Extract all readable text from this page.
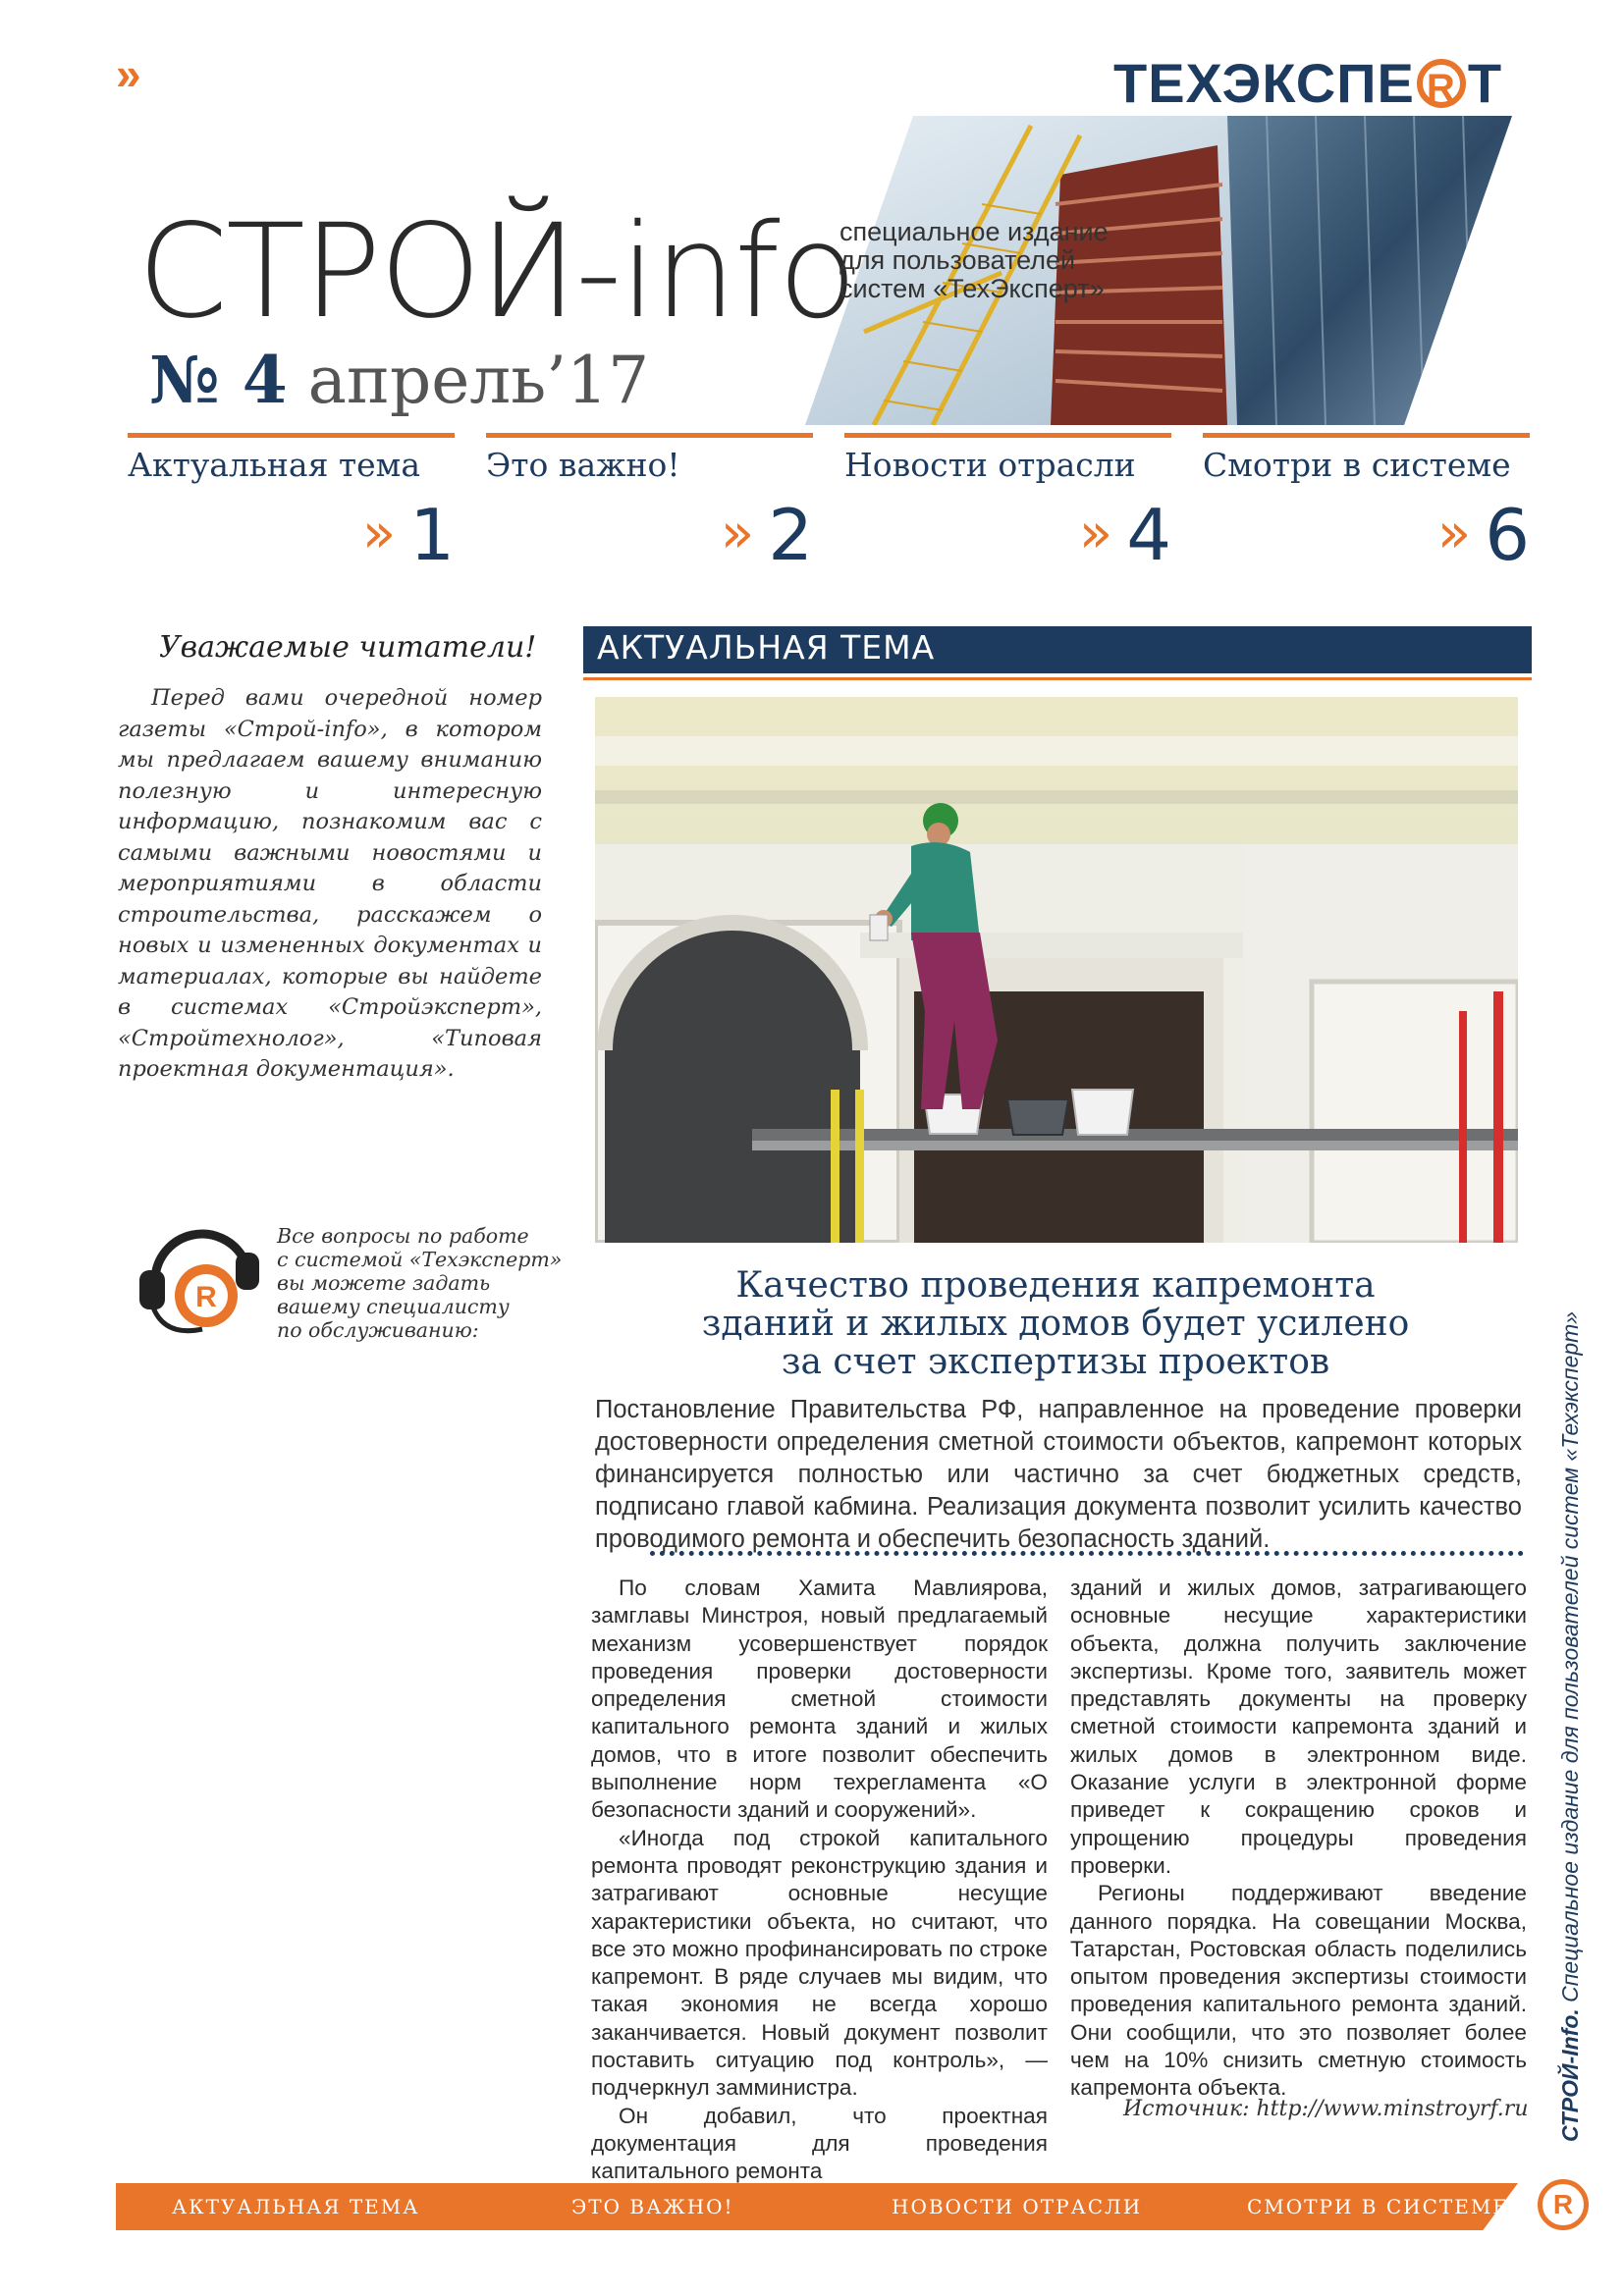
»	ТЕХЭКСПЕ R Т
СТРОЙ-info
специальное издание
для пользователей
систем «ТехЭксперт»
№ 4 апрель’17
Актуальная тема
» 1
Это важно!
» 2
Новости отрасли
» 4
Смотри в системе
» 6
Уважаемые читатели!

Перед вами очередной номер газеты «Строй-info», в котором мы предлагаем вашему вниманию полезную и интересную информацию, познакомим вас с самыми важными новостями и мероприятиями в области строительства, расскажем о новых и измененных документах и материалах, которые вы найдете в системах «Стройэксперт», «Стройтехнолог», «Типовая проектная документация».

R
Все вопросы по работе
с системой «Техэксперт»
вы можете задать
вашему специалисту
по обслуживанию:
АКТУАЛЬНАЯ ТЕМА
Качество проведения капремонта
зданий и жилых домов будет усилено
за счет экспертизы проектов
Постановление Правительства РФ, направленное на проведение проверки достоверности определения сметной стоимости объектов, капремонт которых финансируется полностью или частично за счет бюджетных средств, подписано главой кабмина. Реализация документа позволит усилить качество проводимого ремонта и обеспечить безопасность зданий.

По словам Хамита Мавлиярова, замглавы Минстроя, новый предлагаемый механизм усовершенствует порядок проведения проверки достоверности определения сметной стоимости капитального ремонта зданий и жилых домов, что в итоге позволит обеспечить выполнение норм техрегламента «О безопасности зданий и сооружений».

«Иногда под строкой капитального ремонта проводят реконструкцию здания и затрагивают основные несущие характеристики объекта, но считают, что все это можно профинансировать по строке капремонт. В ряде случаев мы видим, что такая экономия не всегда хорошо заканчивается. Новый документ позволит поставить ситуацию под контроль», — подчеркнул замминистра.

Он добавил, что проектная документация для проведения капитального ремонта

зданий и жилых домов, затрагивающего основные несущие характеристики объекта, должна получить заключение экспертизы. Кроме того, заявитель может представлять документы на проверку сметной стоимости капремонта зданий и жилых домов в электронном виде. Оказание услуги в электронной форме приведет к сокращению сроков и упрощению процедуры проведения проверки.

Регионы поддерживают введение данного порядка. На совещании Москва, Татарстан, Ростовская область поделились опытом проведения экспертизы стоимости проведения капитального ремонта зданий. Они сообщили, что это позволяет более чем на 10% снизить сметную стоимость капремонта объекта.

Источник: http://www.minstroyrf.ru СТРОЙ-Info. Специальное издание для пользователей систем «Техэксперт»
АКТУАЛЬНАЯ ТЕМА	ЭТО ВАЖНО!	НОВОСТИ ОТРАСЛИ	СМОТРИ В СИСТЕМЕ	R
